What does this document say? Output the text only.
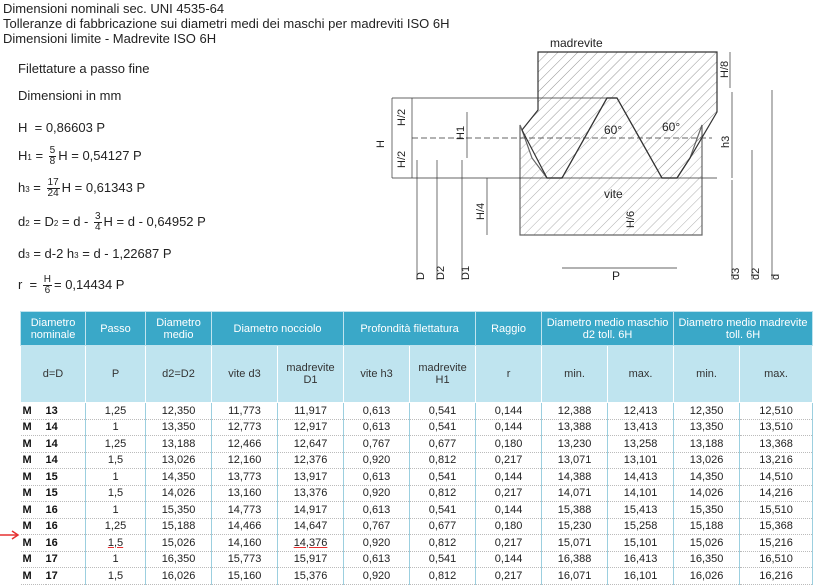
Dimensioni nominali sec. UNI 4535-64
Tolleranze di fabbricazione sui diametri medi dei maschi per madreviti ISO 6H
Dimensioni limite - Madrevite ISO 6H
Filettature a passo fine
Dimensioni in mm
H  = 0,86603 P
$H1 = \frac{5}{8}$ H = 0,54127 P
$h3 = \frac{17}{24}$ H = 0,61343 P
$d2 = D2 = d - \frac{3}{4}$ H = d - 0,64952 P
d3 = d-2 h3 = d - 1,22687 P
$r = \frac{H}{6} = 0,14434$ P
madrevite
vite
60°	60°
P
H
H/2
H/2
H1
H/4	H/6
H/8
h3
D D2 D1	d3 d2 d
Diametro nominale		Passo	Diametro medio	Diametro nocciolo		Profondità filettatura		Raggio	Diametro medio maschio d2 toll. 6H		Diametro medio madrevite toll. 6H	
d=D		P	d2=D2	vite d3	madrevite D1	vite h3	madrevite H1	r	min.	max.	min.	max.
M	13	1,25	12,350	11,773	11,917	0,613	0,541	0,144	12,388	12,413	12,350	12,510
M	14	1	13,350	12,773	12,917	0,613	0,541	0,144	13,388	13,413	13,350	13,510
M	14	1,25	13,188	12,466	12,647	0,767	0,677	0,180	13,230	13,258	13,188	13,368
M	14	1,5	13,026	12,160	12,376	0,920	0,812	0,217	13,071	13,101	13,026	13,216
M	15	1	14,350	13,773	13,917	0,613	0,541	0,144	14,388	14,413	14,350	14,510
M	15	1,5	14,026	13,160	13,376	0,920	0,812	0,217	14,071	14,101	14,026	14,216
M	16	1	15,350	14,773	14,917	0,613	0,541	0,144	15,388	15,413	15,350	15,510
M	16	1,25	15,188	14,466	14,647	0,767	0,677	0,180	15,230	15,258	15,188	15,368
M	16	1,5	15,026	14,160	14,376	0,920	0,812	0,217	15,071	15,101	15,026	15,216
M	17	1	16,350	15,773	15,917	0,613	0,541	0,144	16,388	16,413	16,350	16,510
M	17	1,5	16,026	15,160	15,376	0,920	0,812	0,217	16,071	16,101	16,026	16,216
